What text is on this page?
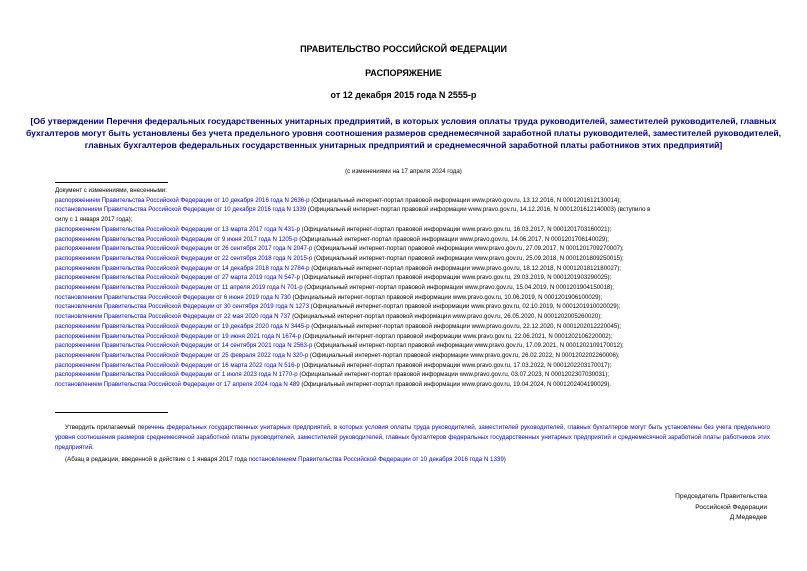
ПРАВИТЕЛЬСТВО РОССИЙСКОЙ ФЕДЕРАЦИИ
РАСПОРЯЖЕНИЕ
от 12 декабря 2015 года N 2555-р
[Об утверждении Перечня федеральных государственных унитарных предприятий, в которых условия оплаты труда руководителей, заместителей руководителей, главных бухгалтеров могут быть установлены без учета предельного уровня соотношения размеров среднемесячной заработной платы руководителей, заместителей руководителей, главных бухгалтеров федеральных государственных унитарных предприятий и среднемесячной заработной платы работников этих предприятий]
(с изменениями на 17 апреля 2024 года)
Документ с изменениями, внесенными:
распоряжением Правительства Российской Федерации от 10 декабря 2016 года N 2636-р (Официальный интернет-портал правовой информации www.pravo.gov.ru, 13.12.2016, N 0001201612130014);
постановлением Правительства Российской Федерации от 10 декабря 2016 года N 1339 (Официальный интернет-портал правовой информации www.pravo.gov.ru, 14.12.2016, N 0001201612140003) (вступило в
силу с 1 января 2017 года);
распоряжением Правительства Российской Федерации от 13 марта 2017 года N 431-р (Официальный интернет-портал правовой информации www.pravo.gov.ru, 16.03.2017, N 0001201703160021);
распоряжением Правительства Российской Федерации от 9 июня 2017 года N 1205-р (Официальный интернет-портал правовой информации www.pravo.gov.ru, 14.06.2017, N 0001201706140029);
распоряжением Правительства Российской Федерации от 26 сентября 2017 года N 2047-р (Официальный интернет-портал правовой информации www.pravo.gov.ru, 27.09.2017, N 0001201709270007);
распоряжением Правительства Российской Федерации от 22 сентября 2018 года N 2015-р (Официальный интернет-портал правовой информации www.pravo.gov.ru, 25.09.2018, N 0001201809250015);
распоряжением Правительства Российской Федерации от 14 декабря 2018 года N 2784-р (Официальный интернет-портал правовой информации www.pravo.gov.ru, 18.12.2018, N 0001201812180027);
распоряжением Правительства Российской Федерации от 27 марта 2019 года N 547-р (Официальный интернет-портал правовой информации www.pravo.gov.ru, 29.03.2019, N 0001201903290025);
распоряжением Правительства Российской Федерации от 11 апреля 2019 года N 701-р (Официальный интернет-портал правовой информации www.pravo.gov.ru, 15.04.2019, N 0001201904150018);
постановлением Правительства Российской Федерации от 6 июня 2019 года N 730 (Официальный интернет-портал правовой информации www.pravo.gov.ru, 10.06.2019, N 0001201906100029);
постановлением Правительства Российской Федерации от 30 сентября 2019 года N 1273 (Официальный интернет-портал правовой информации www.pravo.gov.ru, 02.10.2019, N 0001201910020029);
постановлением Правительства Российской Федерации от 22 мая 2020 года N 737 (Официальный интернет-портал правовой информации www.pravo.gov.ru, 26.05.2020, N 0001202005260020);
распоряжением Правительства Российской Федерации от 19 декабря 2020 года N 3445-р (Официальный интернет-портал правовой информации www.pravo.gov.ru, 22.12.2020, N 0001202012220045);
распоряжением Правительства Российской Федерации от 19 июня 2021 года N 1674-р (Официальный интернет-портал правовой информации www.pravo.gov.ru, 22.06.2021, N 0001202106220002);
распоряжением Правительства Российской Федерации от 14 сентября 2021 года N 2563-р (Официальный интернет-портал правовой информации www.pravo.gov.ru, 17.09.2021, N 0001202109170012);
распоряжением Правительства Российской Федерации от 25 февраля 2022 года N 320-р (Официальный интернет-портал правовой информации www.pravo.gov.ru, 26.02.2022, N 0001202202260006);
распоряжением Правительства Российской Федерации от 16 марта 2022 года N 516-р (Официальный интернет-портал правовой информации www.pravo.gov.ru, 17.03.2022, N 0001202203170017);
распоряжением Правительства Российской Федерации от 1 июля 2023 года N 1770-р (Официальный интернет-портал правовой информации www.pravo.gov.ru, 03.07.2023, N 0001202307030031);
постановлением Правительства Российской Федерации от 17 апреля 2024 года N 489 (Официальный интернет-портал правовой информации www.pravo.gov.ru, 19.04.2024, N 0001202404190029).
Утвердить прилагаемый перечень федеральных государственных унитарных предприятий, в которых условия оплаты труда руководителей, заместителей руководителей, главных бухгалтеров могут быть установлены без учета предельного уровня соотношения размеров среднемесячной заработной платы руководителей, заместителей руководителей, главных бухгалтеров федеральных государственных унитарных предприятий и среднемесячной заработной платы работников этих предприятий.
(Абзац в редакции, введенной в действие с 1 января 2017 года постановлением Правительства Российской Федерации от 10 декабря 2016 года N 1339)
Председатель Правительства
Российской Федерации
Д.Медведев
